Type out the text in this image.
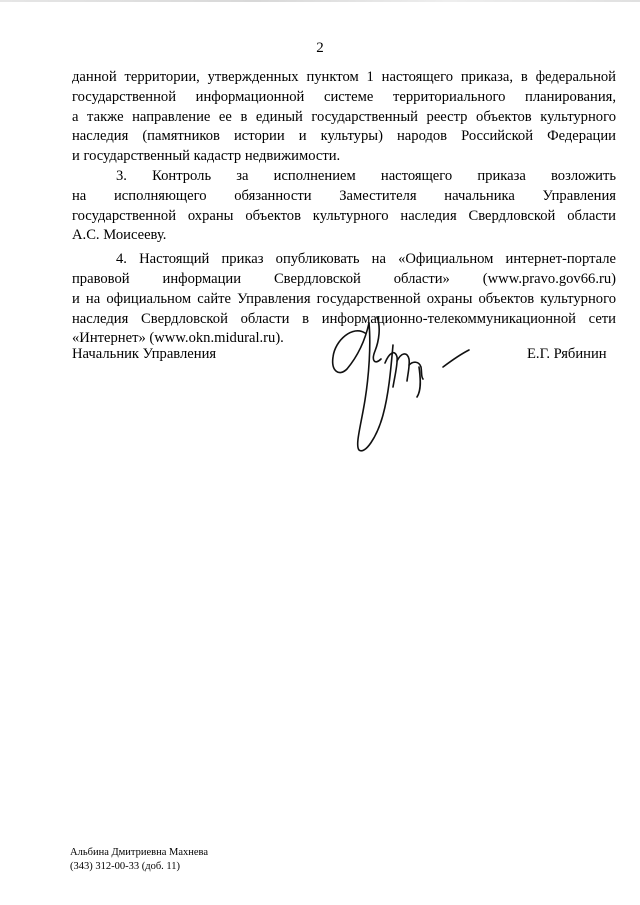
2

данной территории, утвержденных пунктом 1 настоящего приказа, в федеральной

государственной информационной системе территориального планирования,

а также направление ее в единый государственный реестр объектов культурного

наследия (памятников истории и культуры) народов Российской Федерации

и государственный кадастр недвижимости.

3. Контроль за исполнением настоящего приказа возложить

на исполняющего обязанности Заместителя начальника Управления

государственной охраны объектов культурного наследия Свердловской области

А.С. Моисееву.

4. Настоящий приказ опубликовать на «Официальном интернет-портале

правовой информации Свердловской области» (www.pravo.gov66.ru)

и на официальном сайте Управления государственной охраны объектов культурного

наследия Свердловской области в информационно-телекоммуникационной сети

«Интернет» (www.okn.midural.ru).

Начальник Управления	Е.Г. Рябинин
Альбина Дмитриевна Махнева
(343) 312-00-33 (доб. 11)
